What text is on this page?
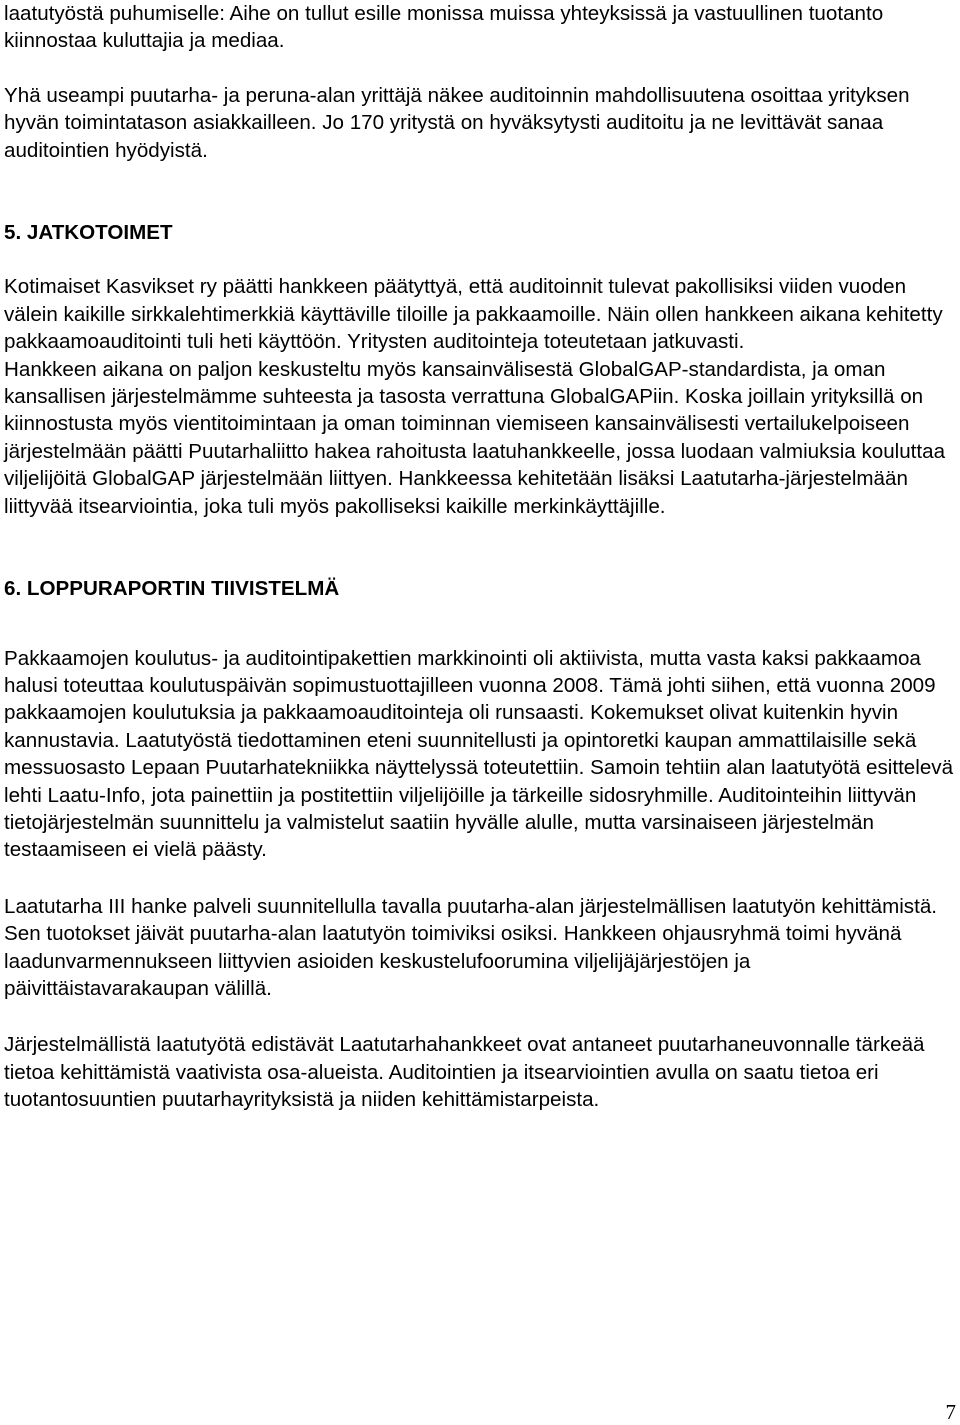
laatutyöstä puhumiselle: Aihe on tullut esille monissa muissa yhteyksissä ja vastuullinen tuotanto kiinnostaa kuluttajia ja mediaa.

Yhä useampi puutarha- ja peruna-alan yrittäjä näkee auditoinnin mahdollisuutena osoittaa yrityksen hyvän toimintatason asiakkailleen. Jo 170 yritystä on hyväksytysti auditoitu ja ne levittävät sanaa auditointien hyödyistä.

5. JATKOTOIMET

Kotimaiset Kasvikset ry päätti hankkeen päätyttyä, että auditoinnit tulevat pakollisiksi viiden vuoden välein kaikille sirkkalehtimerkkiä käyttäville tiloille ja pakkaamoille. Näin ollen hankkeen aikana kehitetty pakkaamoauditointi tuli heti käyttöön. Yritysten auditointeja toteutetaan jatkuvasti.

Hankkeen aikana on paljon keskusteltu myös kansainvälisestä GlobalGAP-standardista, ja oman kansallisen järjestelmämme suhteesta ja tasosta verrattuna GlobalGAPiin. Koska joillain yrityksillä on kiinnostusta myös vientitoimintaan ja oman toiminnan viemiseen kansainvälisesti vertailukelpoiseen järjestelmään päätti Puutarhaliitto hakea rahoitusta laatuhankkeelle, jossa luodaan valmiuksia kouluttaa viljelijöitä GlobalGAP järjestelmään liittyen. Hankkeessa kehitetään lisäksi Laatutarha-järjestelmään liittyvää itsearviointia, joka tuli myös pakolliseksi kaikille merkinkäyttäjille.

6. LOPPURAPORTIN TIIVISTELMÄ

Pakkaamojen koulutus- ja auditointipakettien markkinointi oli aktiivista, mutta vasta kaksi pakkaamoa halusi toteuttaa koulutuspäivän sopimustuottajilleen vuonna 2008. Tämä johti siihen, että vuonna 2009 pakkaamojen koulutuksia ja pakkaamoauditointeja oli runsaasti. Kokemukset olivat kuitenkin hyvin kannustavia. Laatutyöstä tiedottaminen eteni suunnitellusti ja opintoretki kaupan ammattilaisille sekä messuosasto Lepaan Puutarhatekniikka näyttelyssä toteutettiin. Samoin tehtiin alan laatutyötä esittelevä lehti Laatu-Info, jota painettiin ja postitettiin viljelijöille ja tärkeille sidosryhmille. Auditointeihin liittyvän tietojärjestelmän suunnittelu ja valmistelut saatiin hyvälle alulle, mutta varsinaiseen järjestelmän testaamiseen ei vielä päästy.

Laatutarha III hanke palveli suunnitellulla tavalla puutarha-alan järjestelmällisen laatutyön kehittämistä. Sen tuotokset jäivät puutarha-alan laatutyön toimiviksi osiksi. Hankkeen ohjausryhmä toimi hyvänä laadunvarmennukseen liittyvien asioiden keskustelufoorumina viljelijäjärjestöjen ja päivittäistavarakaupan välillä.

Järjestelmällistä laatutyötä edistävät Laatutarhahankkeet ovat antaneet puutarhaneuvonnalle tärkeää tietoa kehittämistä vaativista osa-alueista. Auditointien ja itsearviointien avulla on saatu tietoa eri tuotantosuuntien puutarhayrityksistä ja niiden kehittämistarpeista.

7
